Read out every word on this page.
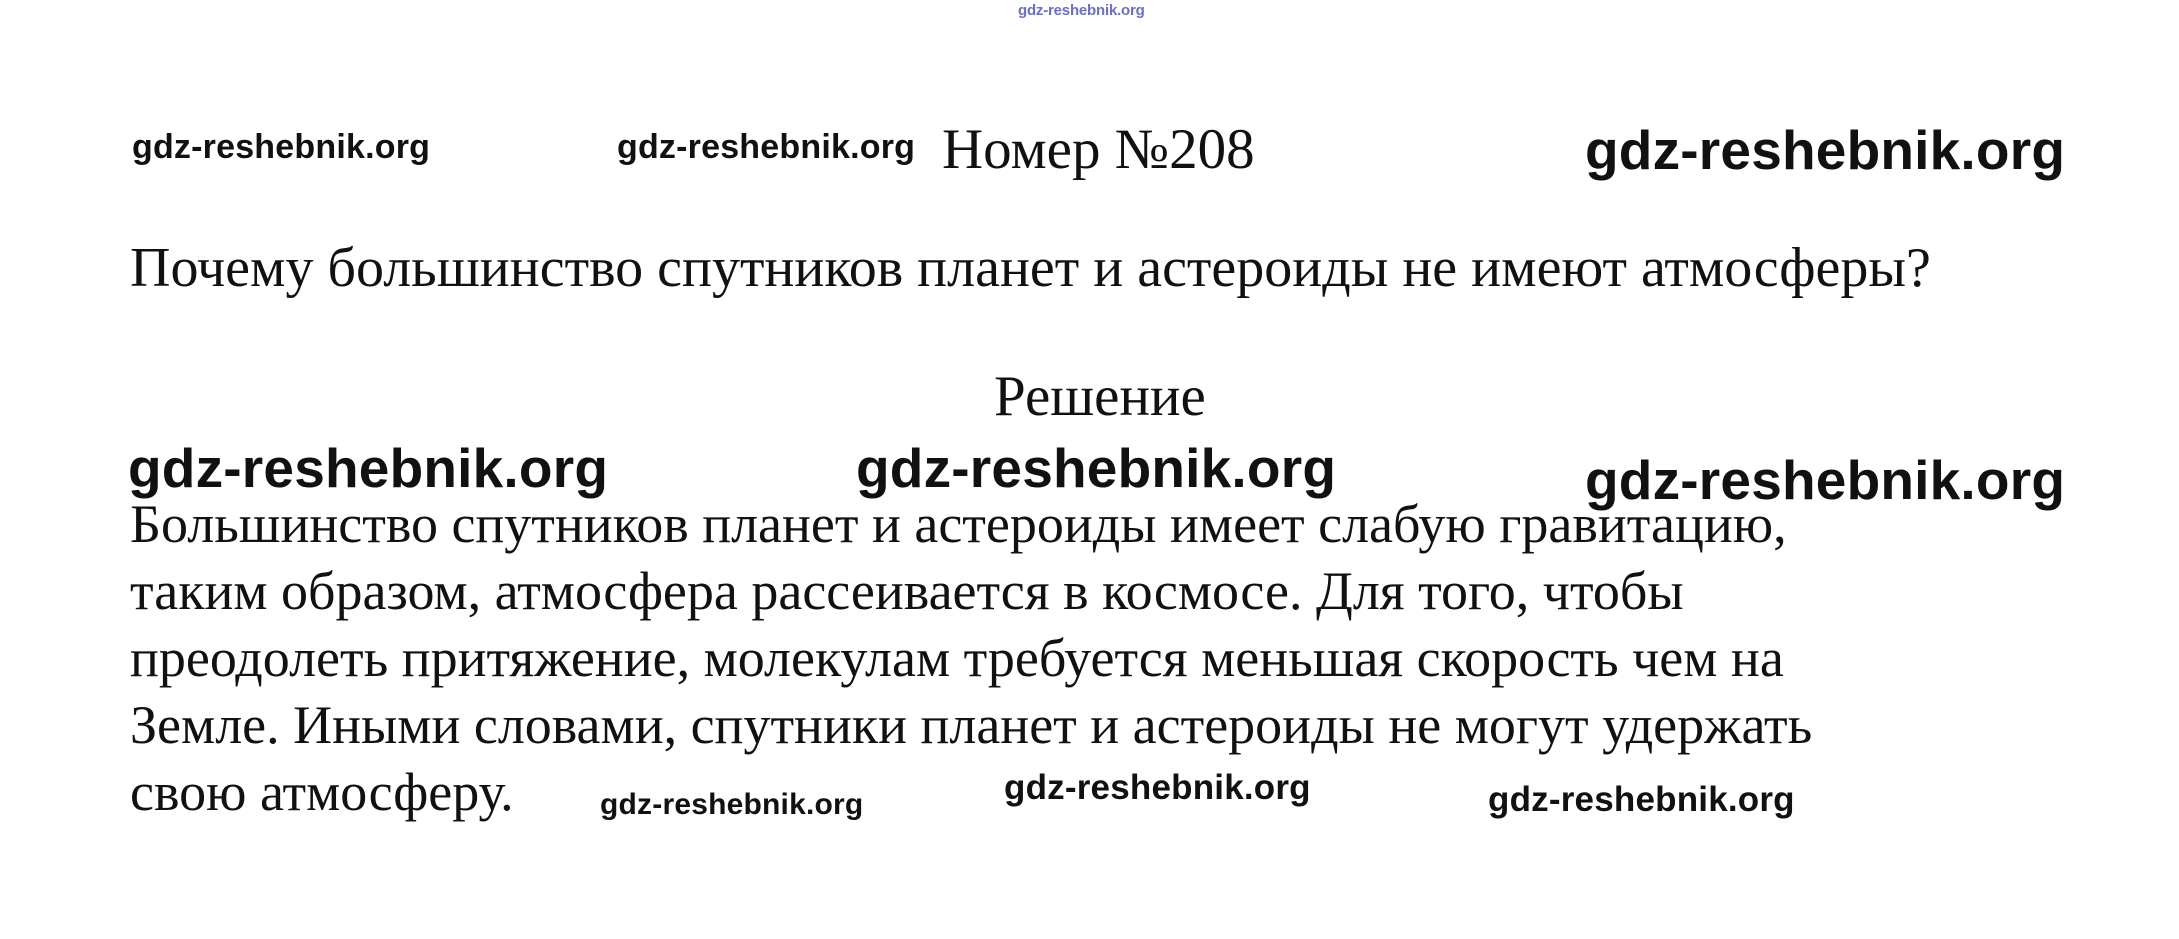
gdz-reshebnik.org
gdz-reshebnik.org	gdz-reshebnik.org Номер №208	gdz-reshebnik.org
Почему большинство спутников планет и астероиды не имеют атмосферы?
Решение
gdz-reshebnik.org	gdz-reshebnik.org	gdz-reshebnik.org
Большинство спутников планет и астероиды имеет слабую гравитацию,
таким образом, атмосфера рассеивается в космосе. Для того, чтобы
преодолеть притяжение, молекулам требуется меньшая скорость чем на
Земле. Иными словами, спутники планет и астероиды не могут удержать
свою атмосферу.	gdz-reshebnik.org	gdz-reshebnik.org	gdz-reshebnik.org
